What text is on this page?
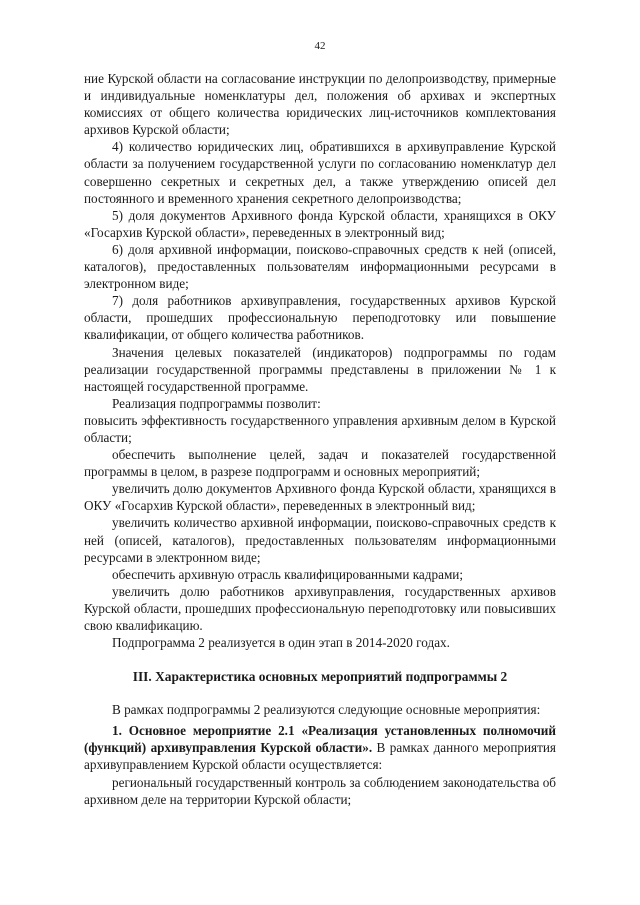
42

ние Курской области на согласование инструкции по делопроизводству, примерные и индивидуальные номенклатуры дел, положения об архивах и экспертных комиссиях от общего количества юридических лиц-источников комплектования архивов Курской области;

4) количество юридических лиц, обратившихся в архивуправление Курской области за получением государственной услуги по согласованию номенклатур дел совершенно секретных и секретных дел, а также утверждению описей дел постоянного и временного хранения секретного делопроизводства;

5) доля документов Архивного фонда Курской области, хранящихся в ОКУ «Госархив Курской области», переведенных в электронный вид;

6) доля архивной информации, поисково-справочных средств к ней (описей, каталогов), предоставленных пользователям информационными ресурсами в электронном виде;

7) доля работников архивуправления, государственных архивов Курской области, прошедших профессиональную переподготовку или повышение квалификации, от общего количества работников.

Значения целевых показателей (индикаторов) подпрограммы по годам реализации государственной программы представлены в приложении № 1 к настоящей государственной программе.

Реализация подпрограммы позволит:

повысить эффективность государственного управления архивным делом в Курской области;

обеспечить выполнение целей, задач и показателей государственной программы в целом, в разрезе подпрограмм и основных мероприятий;

увеличить долю документов Архивного фонда Курской области, хранящихся в ОКУ «Госархив Курской области», переведенных в электронный вид;

увеличить количество архивной информации, поисково-справочных средств к ней (описей, каталогов), предоставленных пользователям информационными ресурсами в электронном виде;

обеспечить архивную отрасль квалифицированными кадрами;

увеличить долю работников архивуправления, государственных архивов Курской области, прошедших профессиональную переподготовку или повысивших свою квалификацию.

Подпрограмма 2 реализуется в один этап в 2014-2020 годах.

III. Характеристика основных мероприятий подпрограммы 2

В рамках подпрограммы 2 реализуются следующие основные мероприятия:

1. Основное мероприятие 2.1 «Реализация установленных полномочий (функций) архивуправления Курской области». В рамках данного мероприятия архивуправлением Курской области осуществляется:

региональный государственный контроль за соблюдением законодательства об архивном деле на территории Курской области;
